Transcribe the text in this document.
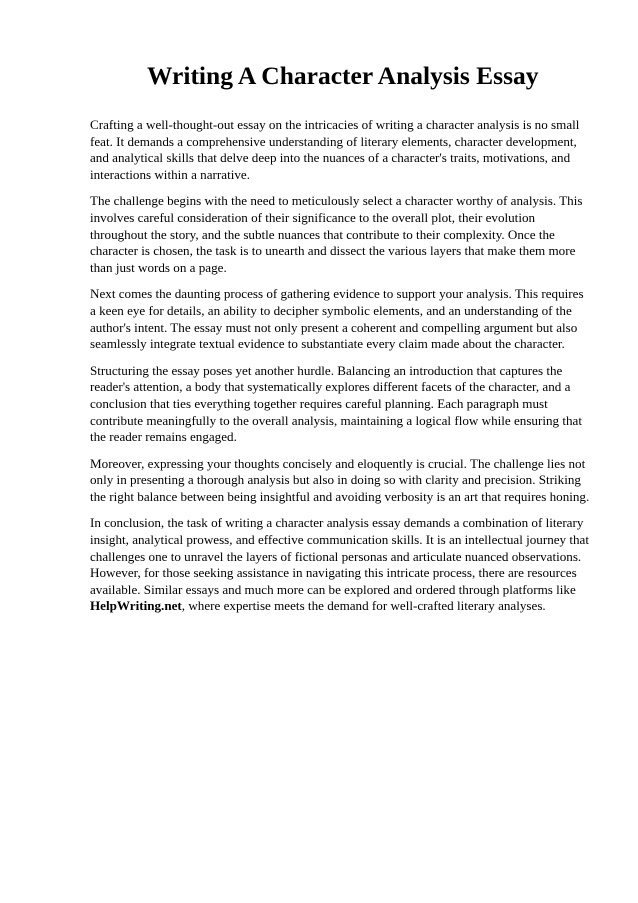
Writing A Character Analysis Essay

Crafting a well-thought-out essay on the intricacies of writing a character analysis is no small feat. It demands a comprehensive understanding of literary elements, character development, and analytical skills that delve deep into the nuances of a character's traits, motivations, and interactions within a narrative.

The challenge begins with the need to meticulously select a character worthy of analysis. This involves careful consideration of their significance to the overall plot, their evolution throughout the story, and the subtle nuances that contribute to their complexity. Once the character is chosen, the task is to unearth and dissect the various layers that make them more than just words on a page.

Next comes the daunting process of gathering evidence to support your analysis. This requires a keen eye for details, an ability to decipher symbolic elements, and an understanding of the author's intent. The essay must not only present a coherent and compelling argument but also seamlessly integrate textual evidence to substantiate every claim made about the character.

Structuring the essay poses yet another hurdle. Balancing an introduction that captures the reader's attention, a body that systematically explores different facets of the character, and a conclusion that ties everything together requires careful planning. Each paragraph must contribute meaningfully to the overall analysis, maintaining a logical flow while ensuring that the reader remains engaged.

Moreover, expressing your thoughts concisely and eloquently is crucial. The challenge lies not only in presenting a thorough analysis but also in doing so with clarity and precision. Striking the right balance between being insightful and avoiding verbosity is an art that requires honing.

In conclusion, the task of writing a character analysis essay demands a combination of literary insight, analytical prowess, and effective communication skills. It is an intellectual journey that challenges one to unravel the layers of fictional personas and articulate nuanced observations. However, for those seeking assistance in navigating this intricate process, there are resources available. Similar essays and much more can be explored and ordered through platforms like HelpWriting.net, where expertise meets the demand for well-crafted literary analyses.
